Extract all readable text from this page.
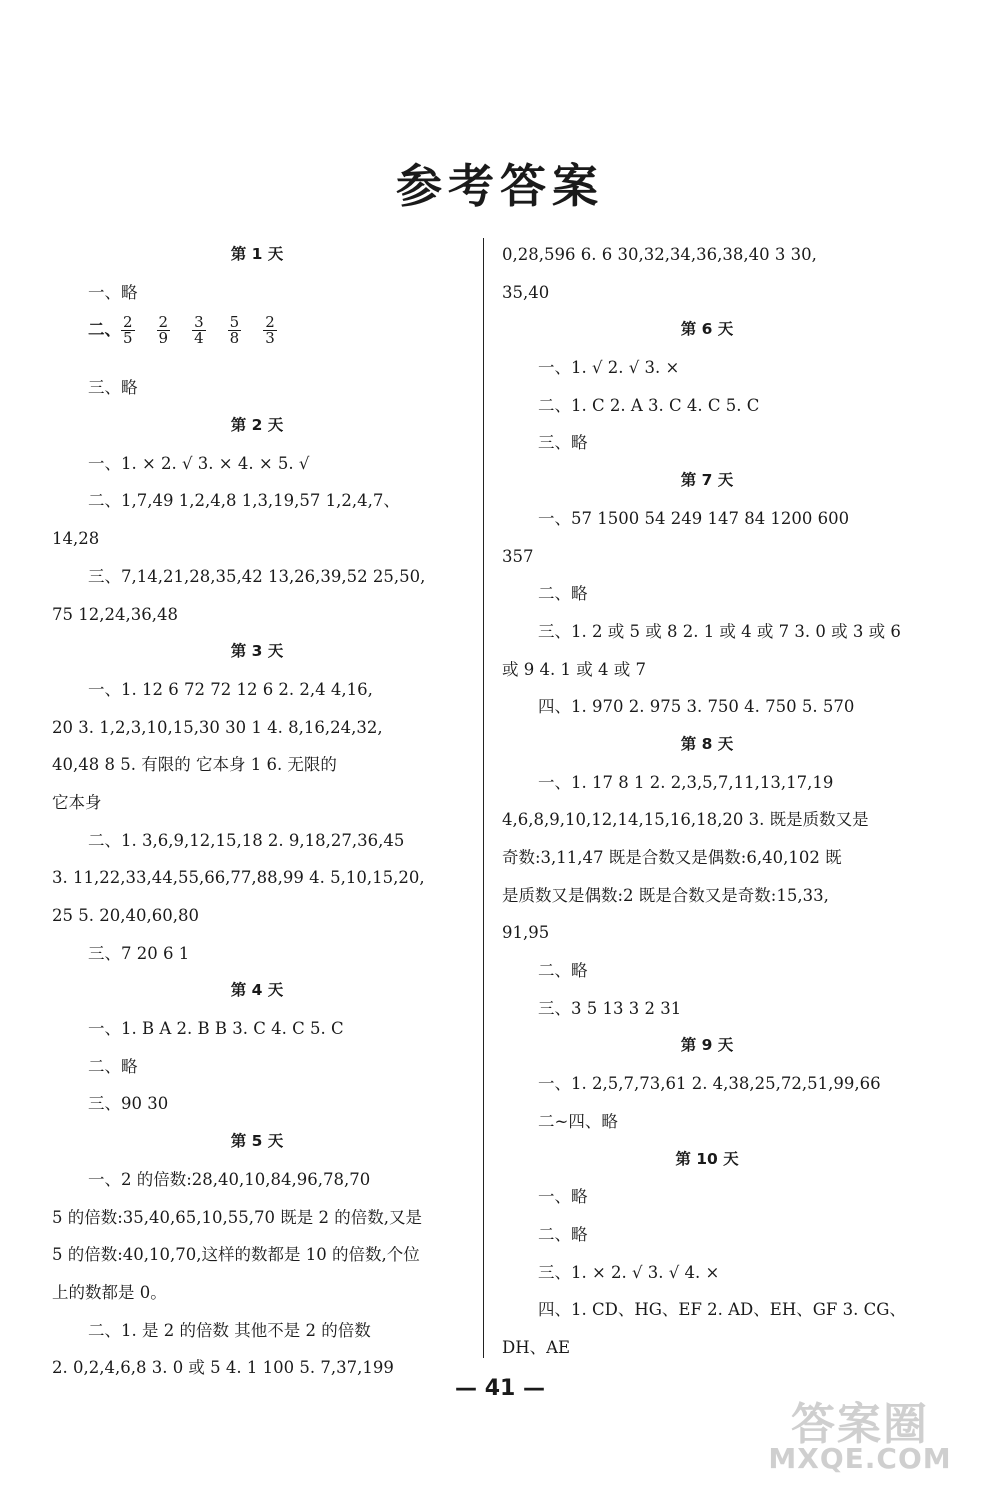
参考答案
第 1 天
一、略
二、 $\frac{2}{5} \frac{2}{9} \frac{3}{4} \frac{5}{8} \frac{2}{3}$
三、略
第 2 天
一、1. × 2. √ 3. × 4. × 5. √
二、1,7,49 1,2,4,8 1,3,19,57 1,2,4,7、
14,28
三、7,14,21,28,35,42 13,26,39,52 25,50,
75 12,24,36,48
第 3 天
一、1. 12 6 72 72 12 6 2. 2,4 4,16,
20 3. 1,2,3,10,15,30 30 1 4. 8,16,24,32,
40,48 8 5. 有限的 它本身 1 6. 无限的
它本身
二、1. 3,6,9,12,15,18 2. 9,18,27,36,45
3. 11,22,33,44,55,66,77,88,99 4. 5,10,15,20,
25 5. 20,40,60,80
三、7 20 6 1
第 4 天
一、1. B A 2. B B 3. C 4. C 5. C
二、略
三、90 30
第 5 天
一、2 的倍数:28,40,10,84,96,78,70
5 的倍数:35,40,65,10,55,70 既是 2 的倍数,又是
5 的倍数:40,10,70,这样的数都是 10 的倍数,个位
上的数都是 0。
二、1. 是 2 的倍数 其他不是 2 的倍数
2. 0,2,4,6,8 3. 0 或 5 4. 1 100 5. 7,37,199
0,28,596 6. 6 30,32,34,36,38,40 3 30,
35,40
第 6 天
一、1. √ 2. √ 3. ×
二、1. C 2. A 3. C 4. C 5. C
三、略
第 7 天
一、57 1500 54 249 147 84 1200 600
357
二、略
三、1. 2 或 5 或 8 2. 1 或 4 或 7 3. 0 或 3 或 6
或 9 4. 1 或 4 或 7
四、1. 970 2. 975 3. 750 4. 750 5. 570
第 8 天
一、1. 17 8 1 2. 2,3,5,7,11,13,17,19
4,6,8,9,10,12,14,15,16,18,20 3. 既是质数又是
奇数:3,11,47 既是合数又是偶数:6,40,102 既
是质数又是偶数:2 既是合数又是奇数:15,33,
91,95
二、略
三、3 5 13 3 2 31
第 9 天
一、1. 2,5,7,73,61 2. 4,38,25,72,51,99,66
二~四、略
第 10 天
一、略
二、略
三、1. × 2. √ 3. √ 4. ×
四、1. CD、HG、EF 2. AD、EH、GF 3. CG、
DH、AE
— 41 —
答案圈
MXQE.COM
